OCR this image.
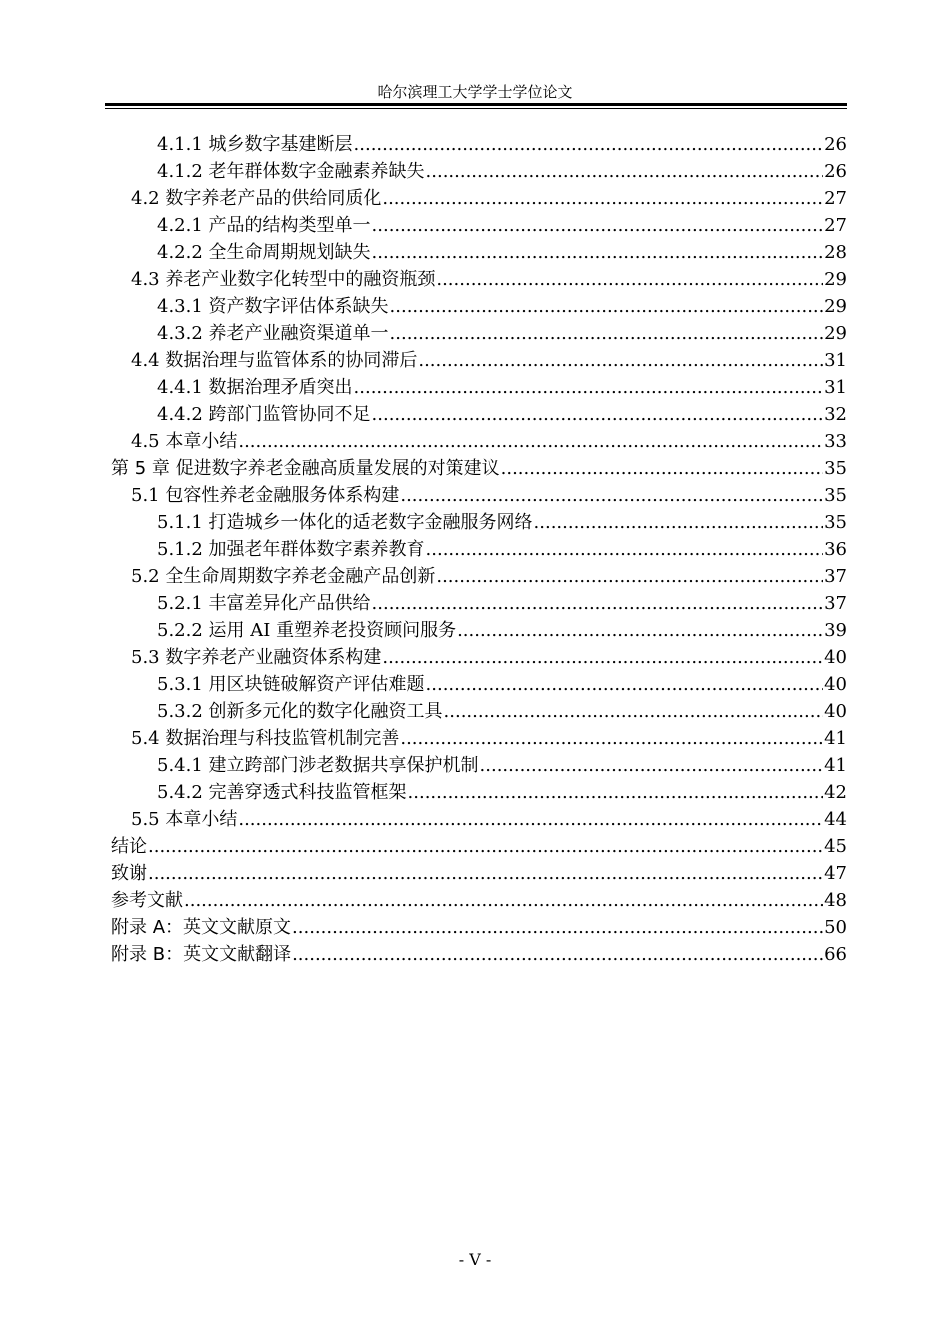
哈尔滨理工大学学士学位论文
4.1.1 城乡数字基建断层 .....	26
4.1.2 老年群体数字金融素养缺失 .....	26
4.2 数字养老产品的供给同质化 .....	27
4.2.1 产品的结构类型单一 .....	27
4.2.2 全生命周期规划缺失 .....	28
4.3 养老产业数字化转型中的融资瓶颈 .....	29
4.3.1 资产数字评估体系缺失 .....	29
4.3.2 养老产业融资渠道单一 .....	29
4.4 数据治理与监管体系的协同滞后 .....	31
4.4.1 数据治理矛盾突出 .....	31
4.4.2 跨部门监管协同不足 .....	32
4.5 本章小结 .....	33
第 5 章 促进数字养老金融高质量发展的对策建议 .....	35
5.1 包容性养老金融服务体系构建 .....	35
5.1.1 打造城乡一体化的适老数字金融服务网络 .....	35
5.1.2 加强老年群体数字素养教育 .....	36
5.2 全生命周期数字养老金融产品创新 .....	37
5.2.1 丰富差异化产品供给 .....	37
5.2.2 运用 AI 重塑养老投资顾问服务 .....	39
5.3 数字养老产业融资体系构建 .....	40
5.3.1 用区块链破解资产评估难题 .....	40
5.3.2 创新多元化的数字化融资工具 .....	40
5.4 数据治理与科技监管机制完善 .....	41
5.4.1 建立跨部门涉老数据共享保护机制 .....	41
5.4.2 完善穿透式科技监管框架 .....	42
5.5 本章小结 .....	44
结论 .....	45
致谢 .....	47
参考文献 .....	48
附录 A：英文文献原文 .....	50
附录 B：英文文献翻译 .....	66
- V -
